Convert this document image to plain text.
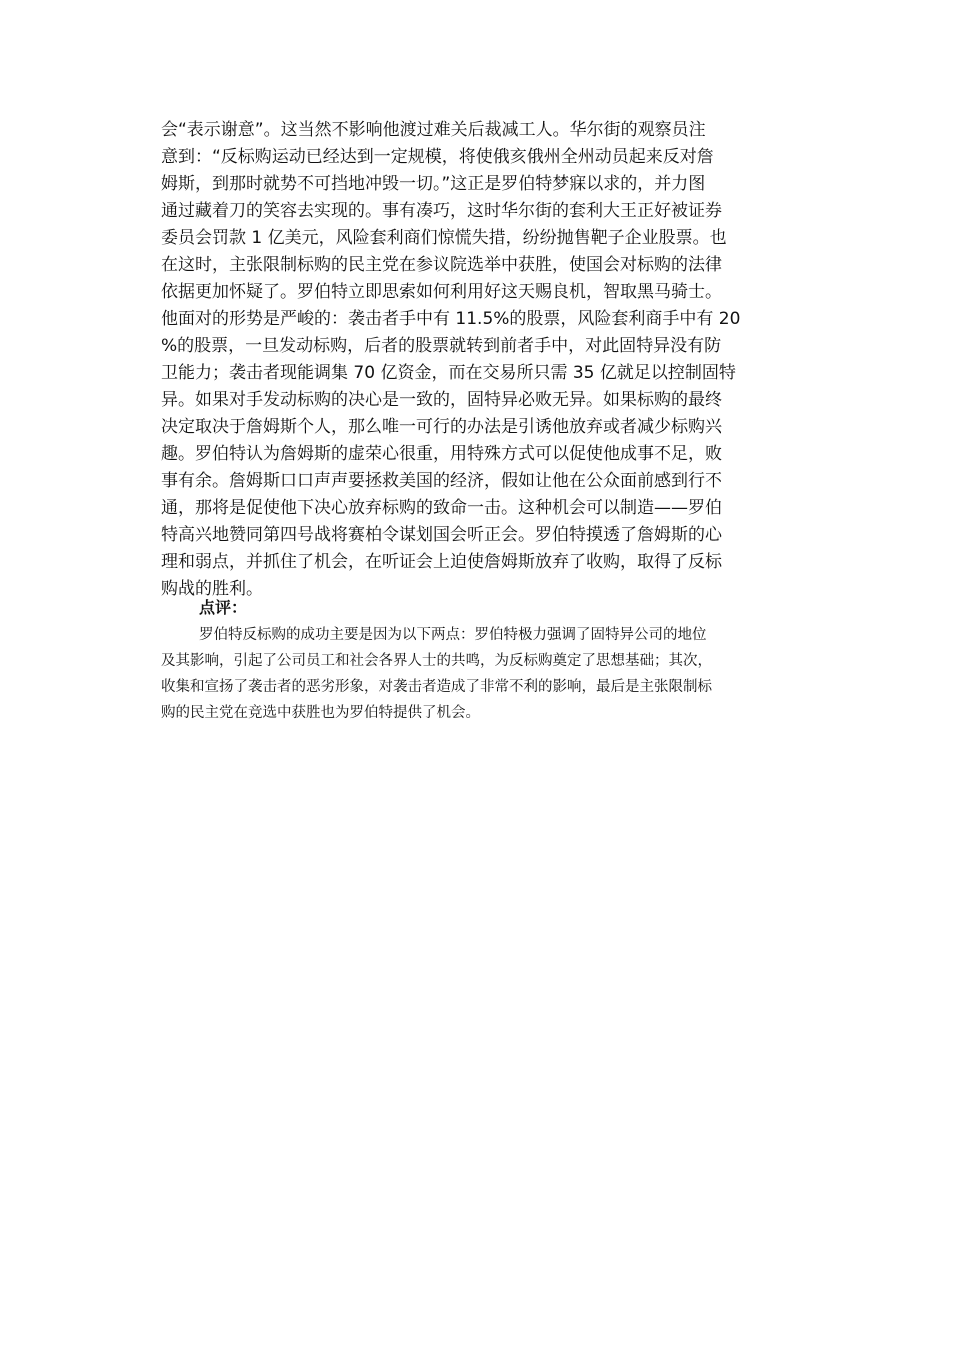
会“表示谢意”。这当然不影响他渡过难关后裁减工人。华尔街的观察员注
意到：“反标购运动已经达到一定规模，将使俄亥俄州全州动员起来反对詹
姆斯，到那时就势不可挡地冲毁一切。”这正是罗伯特梦寐以求的，并力图
通过藏着刀的笑容去实现的。事有凑巧，这时华尔街的套利大王正好被证券
委员会罚款 1 亿美元，风险套利商们惊慌失措，纷纷抛售靶子企业股票。也
在这时，主张限制标购的民主党在参议院选举中获胜，使国会对标购的法律
依据更加怀疑了。罗伯特立即思索如何利用好这天赐良机，智取黑马骑士。
他面对的形势是严峻的：袭击者手中有 11.5%的股票，风险套利商手中有 20
%的股票，一旦发动标购，后者的股票就转到前者手中，对此固特异没有防
卫能力；袭击者现能调集 70 亿资金，而在交易所只需 35 亿就足以控制固特
异。如果对手发动标购的决心是一致的，固特异必败无异。如果标购的最终
决定取决于詹姆斯个人，那么唯一可行的办法是引诱他放弃或者减少标购兴
趣。罗伯特认为詹姆斯的虚荣心很重，用特殊方式可以促使他成事不足，败
事有余。詹姆斯口口声声要拯救美国的经济，假如让他在公众面前感到行不
通，那将是促使他下决心放弃标购的致命一击。这种机会可以制造——罗伯
特高兴地赞同第四号战将赛柏令谋划国会听正会。罗伯特摸透了詹姆斯的心
理和弱点，并抓住了机会，在听证会上迫使詹姆斯放弃了收购，取得了反标
购战的胜利。
点评：
罗伯特反标购的成功主要是因为以下两点：罗伯特极力强调了固特异公司的地位
及其影响，引起了公司员工和社会各界人士的共鸣，为反标购奠定了思想基础；其次，
收集和宣扬了袭击者的恶劣形象，对袭击者造成了非常不利的影响，最后是主张限制标
购的民主党在竞选中获胜也为罗伯特提供了机会。
